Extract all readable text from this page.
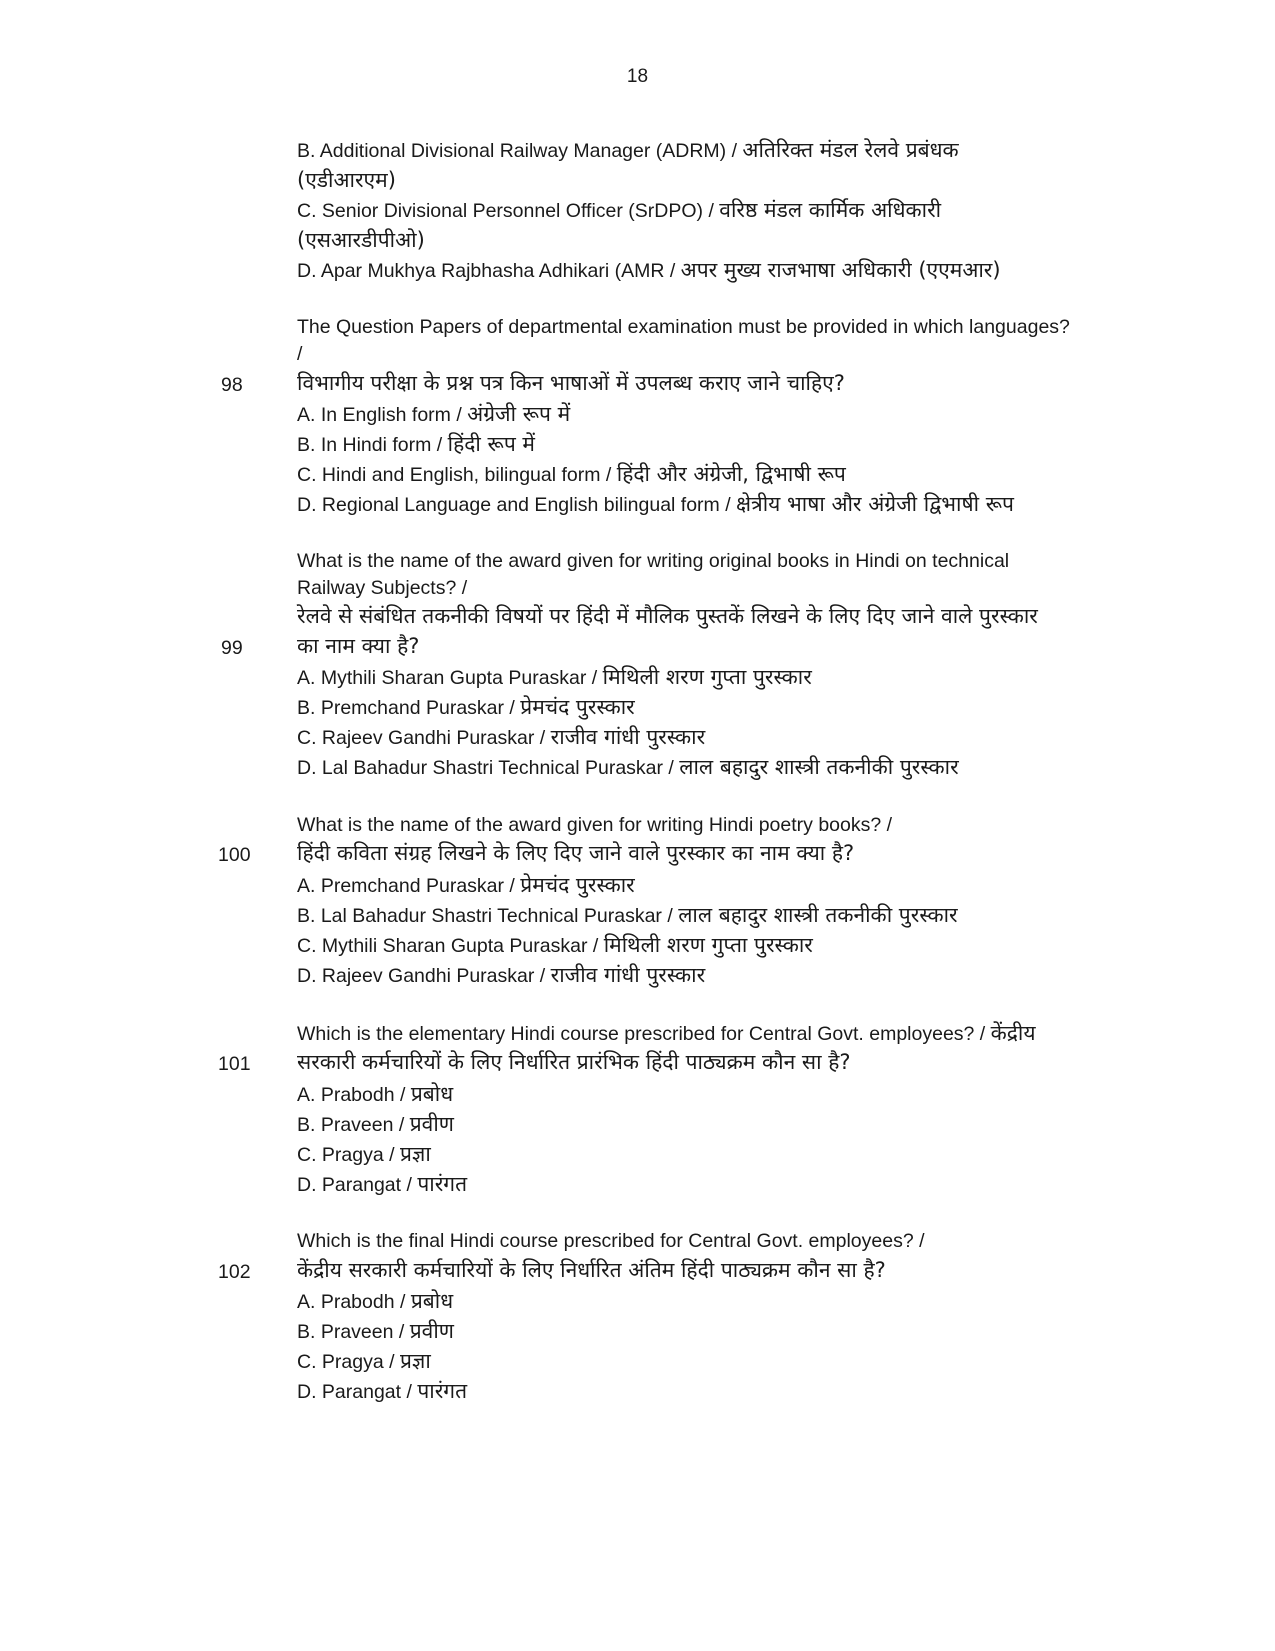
18
B. Additional Divisional Railway Manager (ADRM) / अतिरिक्त मंडल रेलवे प्रबंधक
(एडीआरएम)
C. Senior Divisional Personnel Officer (SrDPO) / वरिष्ठ मंडल कार्मिक अधिकारी
(एसआरडीपीओ)
D. Apar Mukhya Rajbhasha Adhikari (AMR / अपर मुख्य राजभाषा अधिकारी (एएमआर)
The Question Papers of departmental examination must be provided in which languages?
/
98	विभागीय परीक्षा के प्रश्न पत्र किन भाषाओं में उपलब्ध कराए जाने चाहिए?
A. In English form / अंग्रेजी रूप में
B. In Hindi form / हिंदी रूप में
C. Hindi and English, bilingual form / हिंदी और अंग्रेजी, द्विभाषी रूप
D. Regional Language and English bilingual form / क्षेत्रीय भाषा और अंग्रेजी द्विभाषी रूप
What is the name of the award given for writing original books in Hindi on technical
Railway Subjects? /
रेलवे से संबंधित तकनीकी विषयों पर हिंदी में मौलिक पुस्तकें लिखने के लिए दिए जाने वाले पुरस्कार
99	का नाम क्या है?
A. Mythili Sharan Gupta Puraskar / मिथिली शरण गुप्ता पुरस्कार
B. Premchand Puraskar / प्रेमचंद पुरस्कार
C. Rajeev Gandhi Puraskar / राजीव गांधी पुरस्कार
D. Lal Bahadur Shastri Technical Puraskar / लाल बहादुर शास्त्री तकनीकी पुरस्कार
What is the name of the award given for writing Hindi poetry books? /
100 हिंदी कविता संग्रह लिखने के लिए दिए जाने वाले पुरस्कार का नाम क्या है?
A. Premchand Puraskar / प्रेमचंद पुरस्कार
B. Lal Bahadur Shastri Technical Puraskar / लाल बहादुर शास्त्री तकनीकी पुरस्कार
C. Mythili Sharan Gupta Puraskar / मिथिली शरण गुप्ता पुरस्कार
D. Rajeev Gandhi Puraskar / राजीव गांधी पुरस्कार
Which is the elementary Hindi course prescribed for Central Govt. employees? / केंद्रीय
101 सरकारी कर्मचारियों के लिए निर्धारित प्रारंभिक हिंदी पाठ्यक्रम कौन सा है?
A. Prabodh / प्रबोध
B. Praveen / प्रवीण
C. Pragya / प्रज्ञा
D. Parangat / पारंगत
Which is the final Hindi course prescribed for Central Govt. employees? /
102 केंद्रीय सरकारी कर्मचारियों के लिए निर्धारित अंतिम हिंदी पाठ्यक्रम कौन सा है?
A. Prabodh / प्रबोध
B. Praveen / प्रवीण
C. Pragya / प्रज्ञा
D. Parangat / पारंगत
